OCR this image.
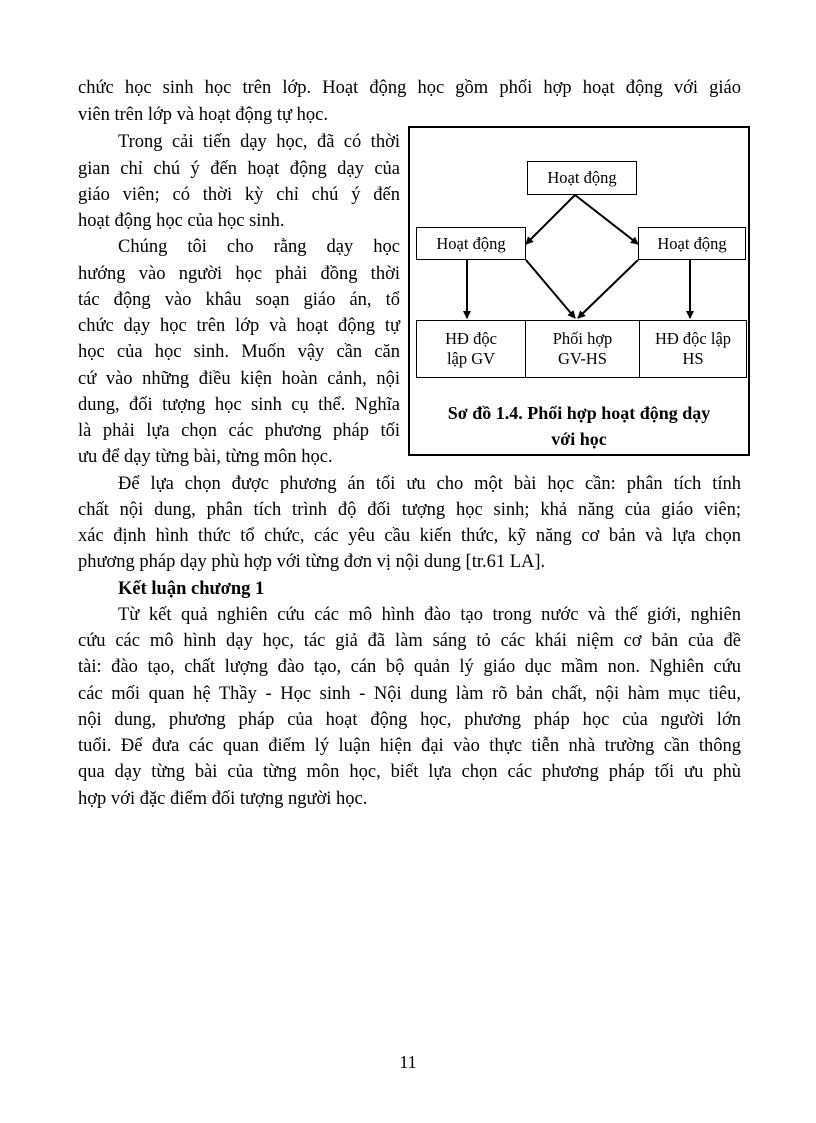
chức học sinh học trên lớp. Hoạt động học gồm phối hợp hoạt động với giáo
viên trên lớp và hoạt động tự học.
Trong cải tiến dạy học, đã có thời
gian chỉ chú ý đến hoạt động dạy của
giáo viên; có thời kỳ chỉ chú ý đến
hoạt động học của học sinh.
Chúng tôi cho rằng dạy học
hướng vào người học phải đồng thời
tác động vào khâu soạn giáo án, tổ
chức dạy học trên lớp và hoạt động tự
học của học sinh. Muốn vậy cần căn
cứ vào những điều kiện hoàn cảnh, nội
dung, đối tượng học sinh cụ thể. Nghĩa
là phải lựa chọn các phương pháp tối
ưu để dạy từng bài, từng môn học.
Để lựa chọn được phương án tối ưu cho một bài học cần: phân tích tính
chất nội dung, phân tích trình độ đối tượng học sinh; khả năng của giáo viên;
xác định hình thức tổ chức, các yêu cầu kiến thức, kỹ năng cơ bản và lựa chọn
phương pháp dạy phù hợp với từng đơn vị nội dung [tr.61 LA].
Kết luận chương 1
Từ kết quả nghiên cứu các mô hình đào tạo trong nước và thế giới, nghiên
cứu các mô hình dạy học, tác giả đã làm sáng tỏ các khái niệm cơ bản của đề
tài: đào tạo, chất lượng đào tạo, cán bộ quản lý giáo dục mầm non. Nghiên cứu
các mối quan hệ Thầy - Học sinh - Nội dung làm rõ bản chất, nội hàm mục tiêu,
nội dung, phương pháp của hoạt động học, phương pháp học của người lớn
tuổi. Để đưa các quan điểm lý luận hiện đại vào thực tiễn nhà trường cần thông
qua dạy từng bài của từng môn học, biết lựa chọn các phương pháp tối ưu phù
hợp với đặc điểm đối tượng người học.
Hoạt động
Hoạt động	Hoạt động
HĐ độc
lập GV
Phối hợp
GV-HS
HĐ độc lập
HS
Sơ đồ 1.4. Phối hợp hoạt động dạy
với học
11
